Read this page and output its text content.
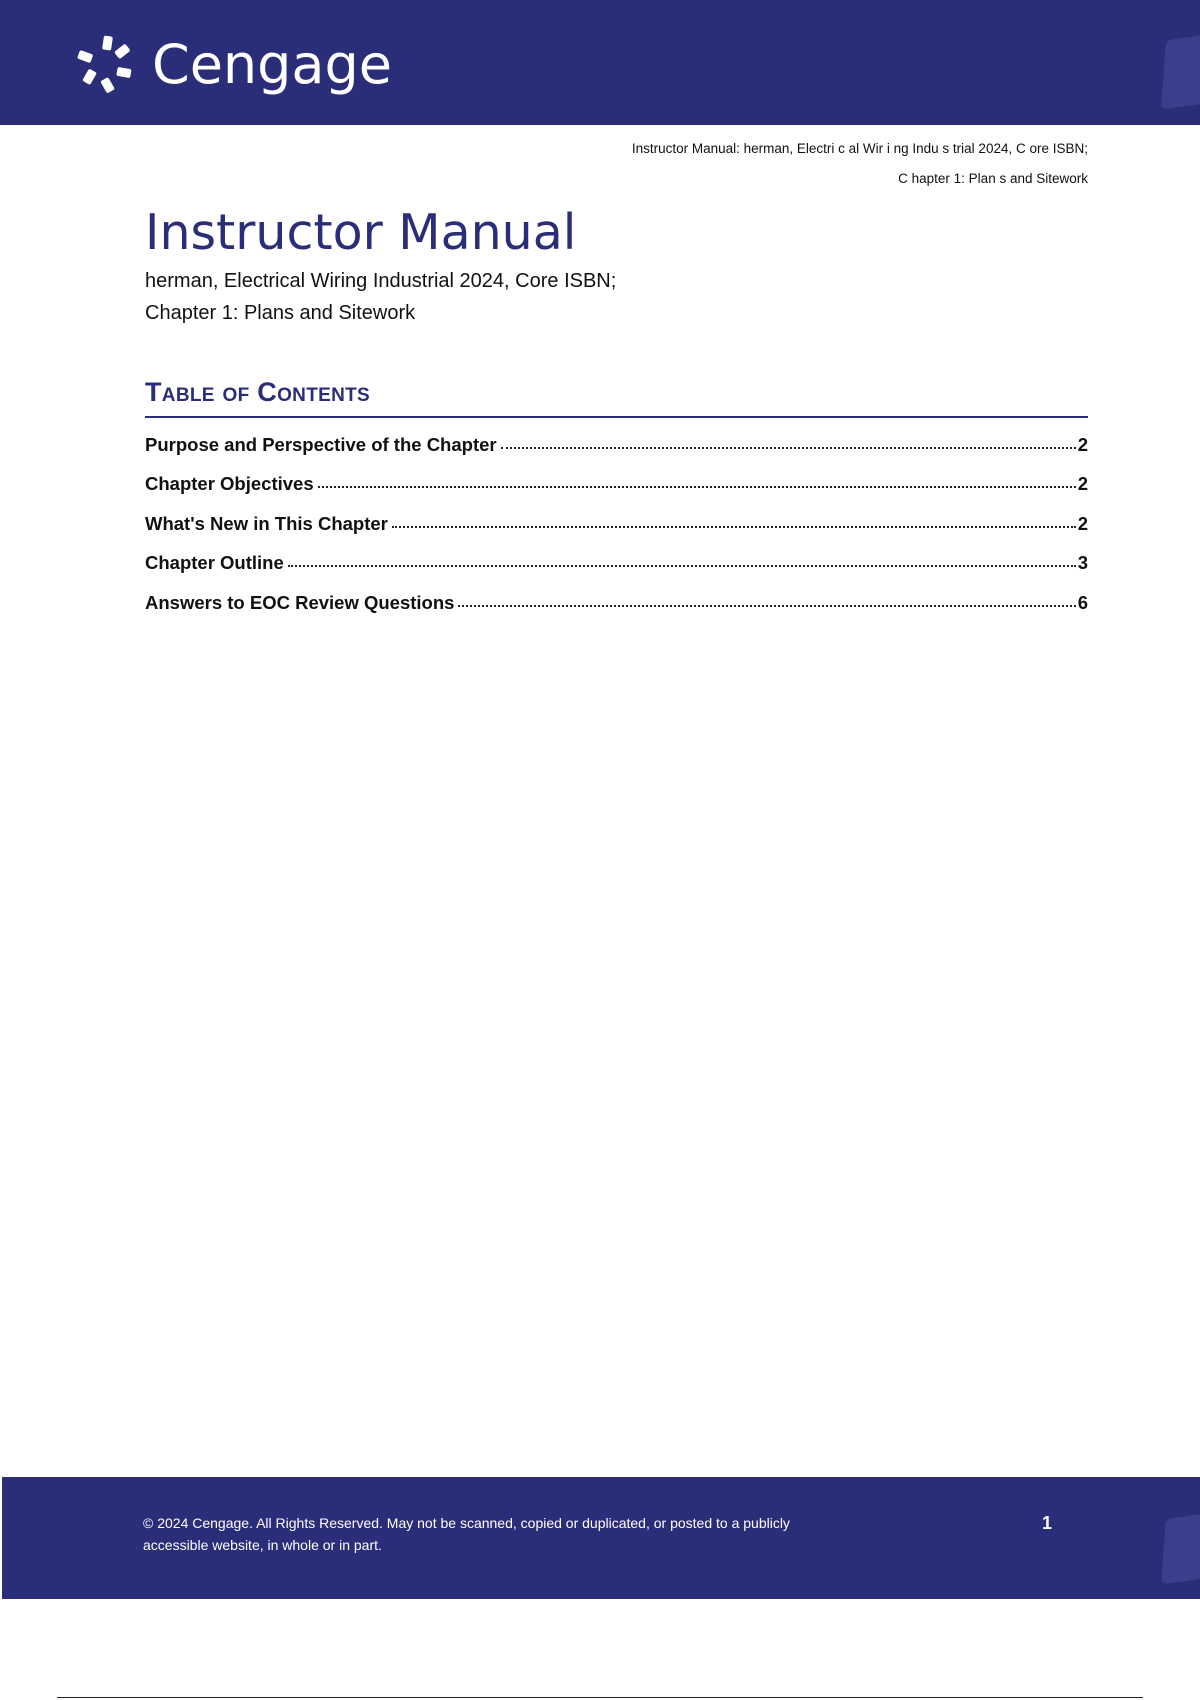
Cengage
Instructor Manual: herman, Electri c al Wir i ng Indu s trial 2024, C ore ISBN;
C hapter 1: Plan s and Sitework
Instructor Manual
herman, Electrical Wiring Industrial 2024, Core ISBN;
Chapter 1: Plans and Sitework
Table of Contents
Purpose and Perspective of the Chapter	2
Chapter Objectives	2
What's New in This Chapter	2
Chapter Outline	3
Answers to EOC Review Questions	6
© 2024 Cengage. All Rights Reserved. May not be scanned, copied or duplicated, or posted to a publicly
accessible website, in whole or in part.
1
